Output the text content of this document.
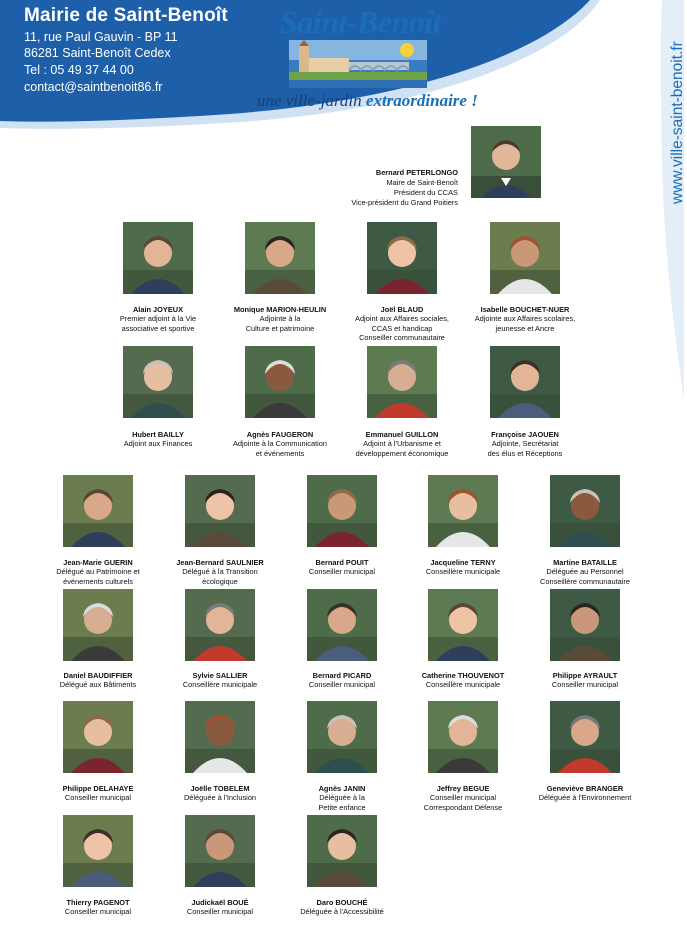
Mairie de Saint-Benoît
11, rue Paul Gauvin - BP 11
86281 Saint-Benoît Cedex
Tel : 05 49 37 44 00
contact@saintbenoit86.fr
Saint-Benoît
une ville-jardin extraordinaire !	www.ville-saint-benoit.fr
Bernard PETERLONGO
Maire de Saint-Benoît
Président du CCAS
Vice-président du Grand Poitiers
Alain JOYEUX
Premier adjoint à la Vie
associative et sportive
Monique MARION-HEULIN
Adjointe à la
Culture et patrimoine
Joël BLAUD
Adjoint aux Affaires sociales,
CCAS et handicap
Conseiller communautaire
Isabelle BOUCHET-NUER
Adjointe aux Affaires scolaires,
jeunesse et Ancre
Hubert BAILLY
Adjoint aux Finances
Agnès FAUGERON
Adjointe à la Communication
et événements
Emmanuel GUILLON
Adjoint à l'Urbanisme et
développement économique
Françoise JAOUEN
Adjointe, Secrétariat
des élus et Réceptions
Jean-Marie GUERIN
Délégué au Patrimoine et
événements culturels
Jean-Bernard SAULNIER
Délégué à la Transition
écologique
Bernard POUIT
Conseiller municipal
Jacqueline TERNY
Conseillère municipale
Martine BATAILLE
Déléguée au Personnel
Conseillère communautaire
Daniel BAUDIFFIER
Délégué aux Bâtiments
Sylvie SALLIER
Conseillère municipale
Bernard PICARD
Conseiller municipal
Catherine THOUVENOT
Conseillère municipale
Philippe AYRAULT
Conseiller municipal
Philippe DELAHAYE
Conseiller municipal
Joëlle TOBELEM
Déléguée à l'Inclusion
Agnès JANIN
Déléguée à la
Petite enfance
Jeffrey BEGUE
Conseiller municipal
Correspondant Défense
Geneviève BRANGER
Déléguée à l'Environnement
Thierry PAGENOT
Conseiller municipal
Judickaël BOUÉ
Conseiller municipal
Daro BOUCHÉ
Déléguée à l'Accessibilité
